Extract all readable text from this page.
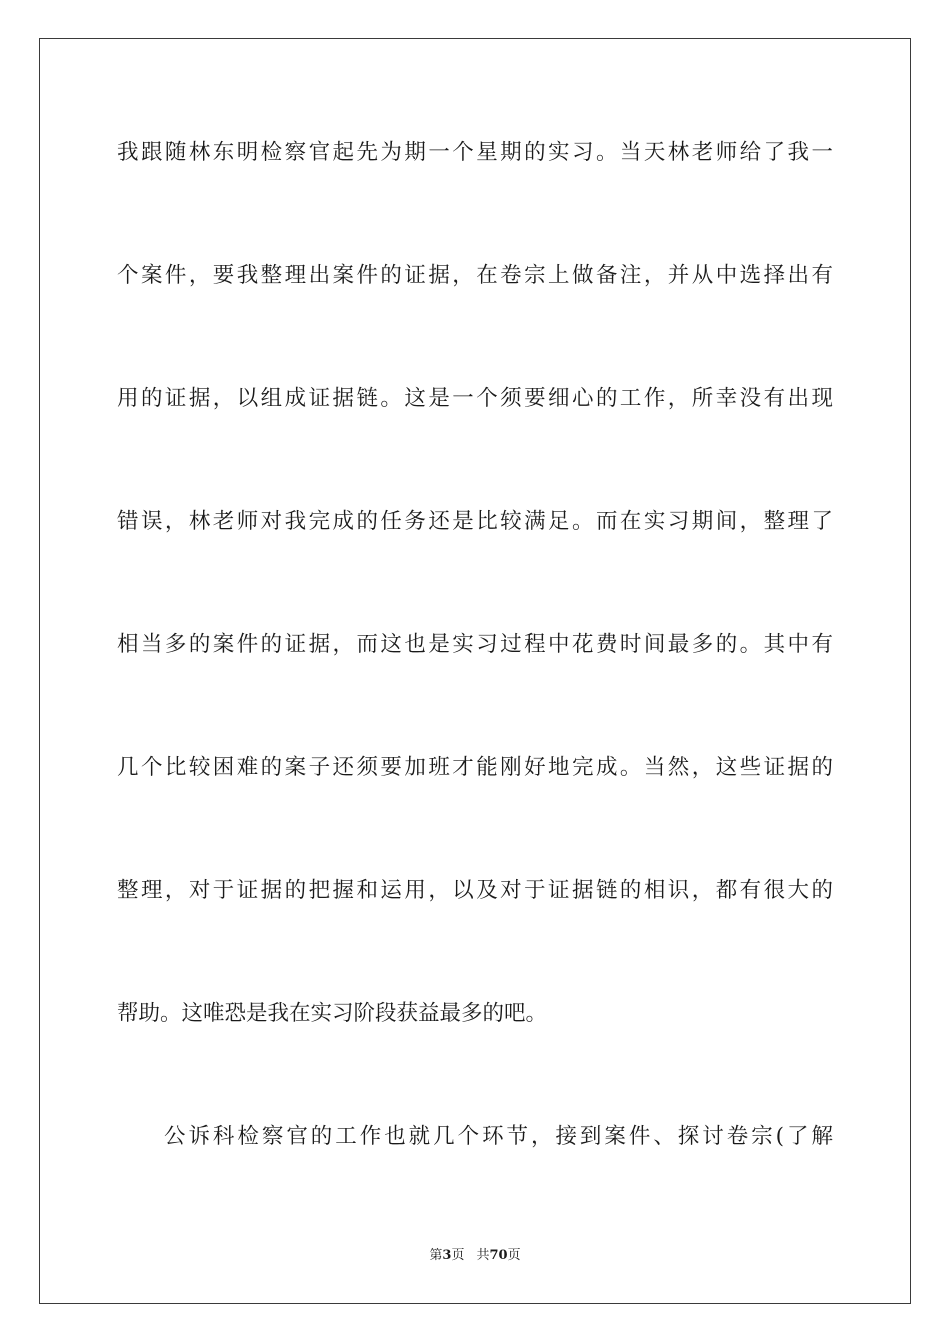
我跟随林东明检察官起先为期一个星期的实习。当天林老师给了我一
个案件，要我整理出案件的证据，在卷宗上做备注，并从中选择出有
用的证据，以组成证据链。这是一个须要细心的工作，所幸没有出现
错误，林老师对我完成的任务还是比较满足。而在实习期间，整理了
相当多的案件的证据，而这也是实习过程中花费时间最多的。其中有
几个比较困难的案子还须要加班才能刚好地完成。当然，这些证据的
整理，对于证据的把握和运用，以及对于证据链的相识，都有很大的
帮助。这唯恐是我在实习阶段获益最多的吧。
公诉科检察官的工作也就几个环节，接到案件、探讨卷宗(了解
第3页 共70页
